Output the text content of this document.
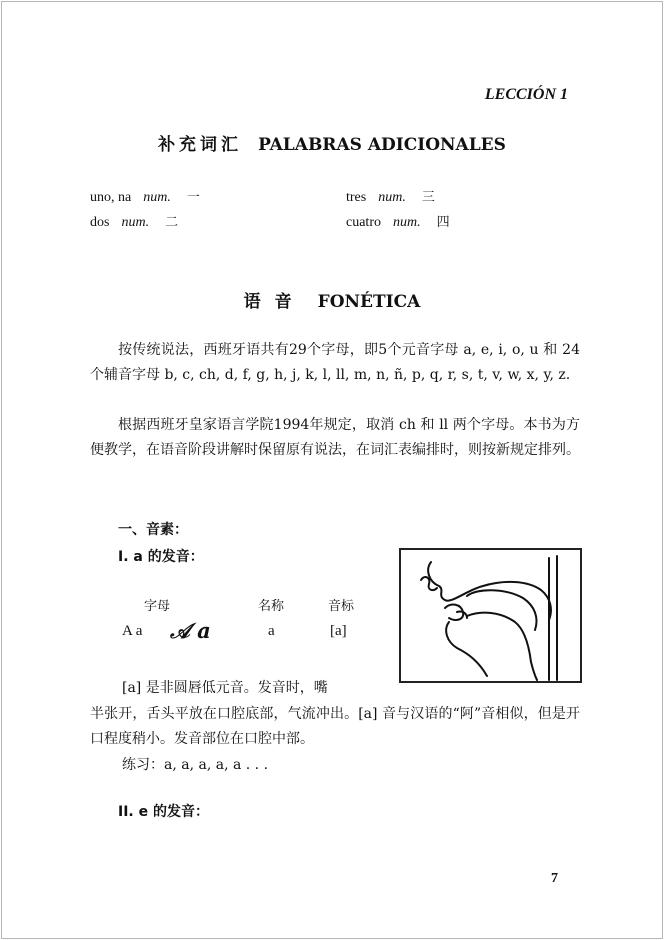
LECCIÓN 1
补充词汇 PALABRAS ADICIONALES
uno, na num. 一	tres num. 三
dos num. 二	cuatro num. 四
语音 FONÉTICA
按传统说法，西班牙语共有29个字母，即5个元音字母 a, e, i, o, u 和 24个辅音字母 b, c, ch, d, f, g, h, j, k, l, ll, m, n, ñ, p, q, r, s, t, v, w, x, y, z.
根据西班牙皇家语言学院1994年规定，取消 ch 和 ll 两个字母。本书为方便教学，在语音阶段讲解时保留原有说法，在词汇表编排时，则按新规定排列。
一、音素：
I. a 的发音：
字母	名称	音标
A a 𝒜 a	a	[a]
[a] 是非圆唇低元音。发音时，嘴
半张开，舌头平放在口腔底部，气流冲出。[a] 音与汉语的“阿”音相似，但是开口程度稍小。发音部位在口腔中部。
练习：a, a, a, a, a . . .
II. e 的发音：
7
